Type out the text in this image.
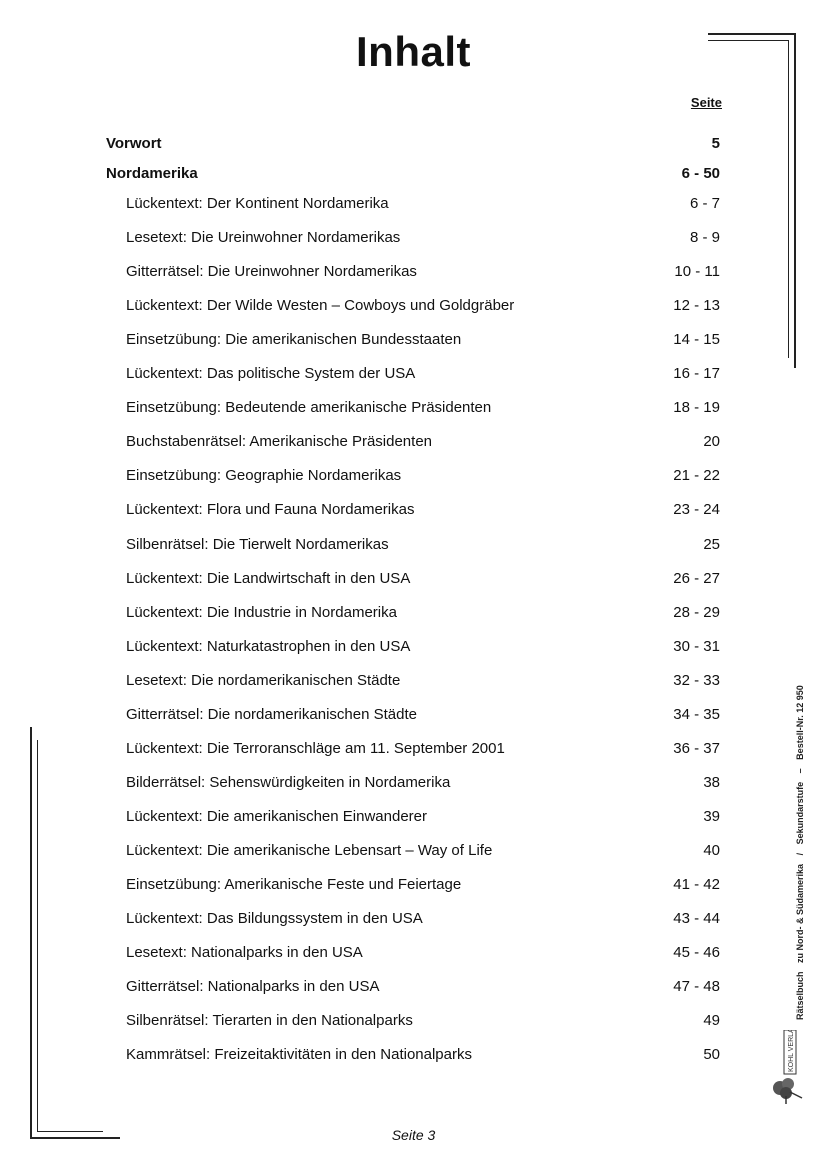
Inhalt
Seite
Vorwort	5
Nordamerika	6 - 50
Lückentext: Der Kontinent Nordamerika	6 - 7
Lesetext: Die Ureinwohner Nordamerikas	8 - 9
Gitterrätsel: Die Ureinwohner Nordamerikas	10 - 11
Lückentext: Der Wilde Westen – Cowboys und Goldgräber	12 - 13
Einsetzübung: Die amerikanischen Bundesstaaten	14 - 15
Lückentext: Das politische System der USA	16 - 17
Einsetzübung: Bedeutende amerikanische Präsidenten	18 - 19
Buchstabenrätsel: Amerikanische Präsidenten	20
Einsetzübung: Geographie Nordamerikas	21 - 22
Lückentext: Flora und Fauna Nordamerikas	23 - 24
Silbenrätsel: Die Tierwelt Nordamerikas	25
Lückentext: Die Landwirtschaft in den USA	26 - 27
Lückentext: Die Industrie in Nordamerika	28 - 29
Lückentext: Naturkatastrophen in den USA	30 - 31
Lesetext: Die nordamerikanischen Städte	32 - 33
Gitterrätsel: Die nordamerikanischen Städte	34 - 35
Lückentext: Die Terroranschläge am 11. September 2001	36 - 37
Bilderrätsel: Sehenswürdigkeiten in Nordamerika	38
Lückentext: Die amerikanischen Einwanderer	39
Lückentext: Die amerikanische Lebensart – Way of Life	40
Einsetzübung: Amerikanische Feste und Feiertage	41 - 42
Lückentext: Das Bildungssystem in den USA	43 - 44
Lesetext: Nationalparks in den USA	45 - 46
Gitterrätsel: Nationalparks in den USA	47 - 48
Silbenrätsel: Tierarten in den Nationalparks	49
Kammrätsel: Freizeitaktivitäten in den Nationalparks	50
Seite 3
Rätselbuch zu Nord- & Südamerika / Sekundarstufe – Bestell-Nr. 12 950
KOHL VERLAG
